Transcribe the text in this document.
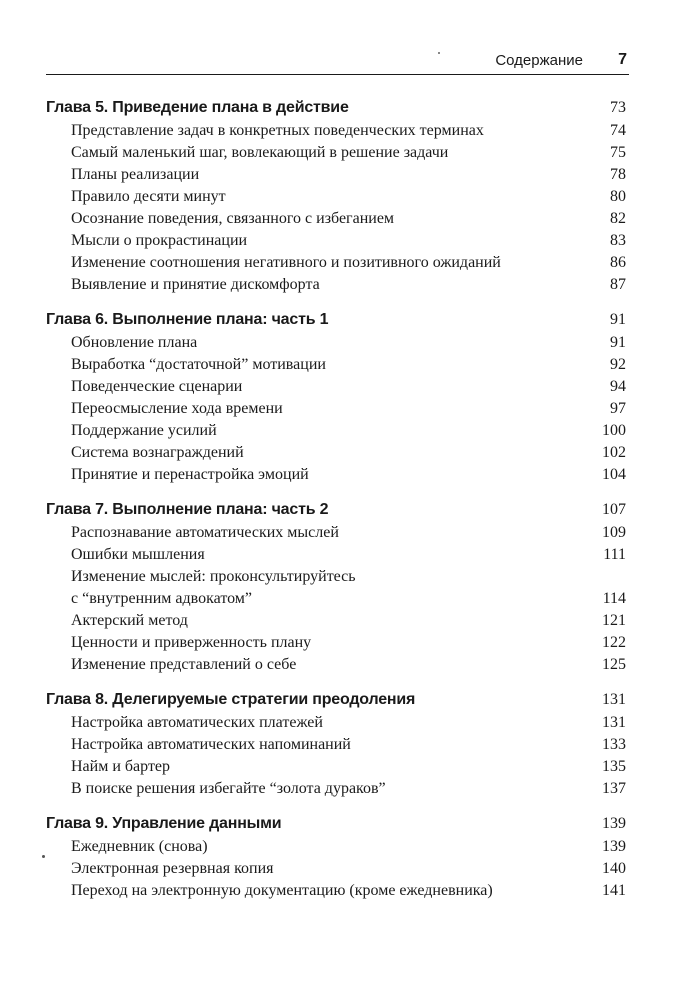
Содержание 7
Глава 5. Приведение плана в действие	73
Представление задач в конкретных поведенческих терминах	74
Самый маленький шаг, вовлекающий в решение задачи	75
Планы реализации	78
Правило десяти минут	80
Осознание поведения, связанного с избеганием	82
Мысли о прокрастинации	83
Изменение соотношения негативного и позитивного ожиданий	86
Выявление и принятие дискомфорта	87
Глава 6. Выполнение плана: часть 1	91
Обновление плана	91
Выработка “достаточной” мотивации	92
Поведенческие сценарии	94
Переосмысление хода времени	97
Поддержание усилий	100
Система вознаграждений	102
Принятие и перенастройка эмоций	104
Глава 7. Выполнение плана: часть 2	107
Распознавание автоматических мыслей	109
Ошибки мышления	111
Изменение мыслей: проконсультируйтесь
с “внутренним адвокатом”	114
Актерский метод	121
Ценности и приверженность плану	122
Изменение представлений о себе	125
Глава 8. Делегируемые стратегии преодоления	131
Настройка автоматических платежей	131
Настройка автоматических напоминаний	133
Найм и бартер	135
В поиске решения избегайте “золота дураков”	137
Глава 9. Управление данными	139
Ежедневник (снова)	139
Электронная резервная копия	140
Переход на электронную документацию (кроме ежедневника)	141
